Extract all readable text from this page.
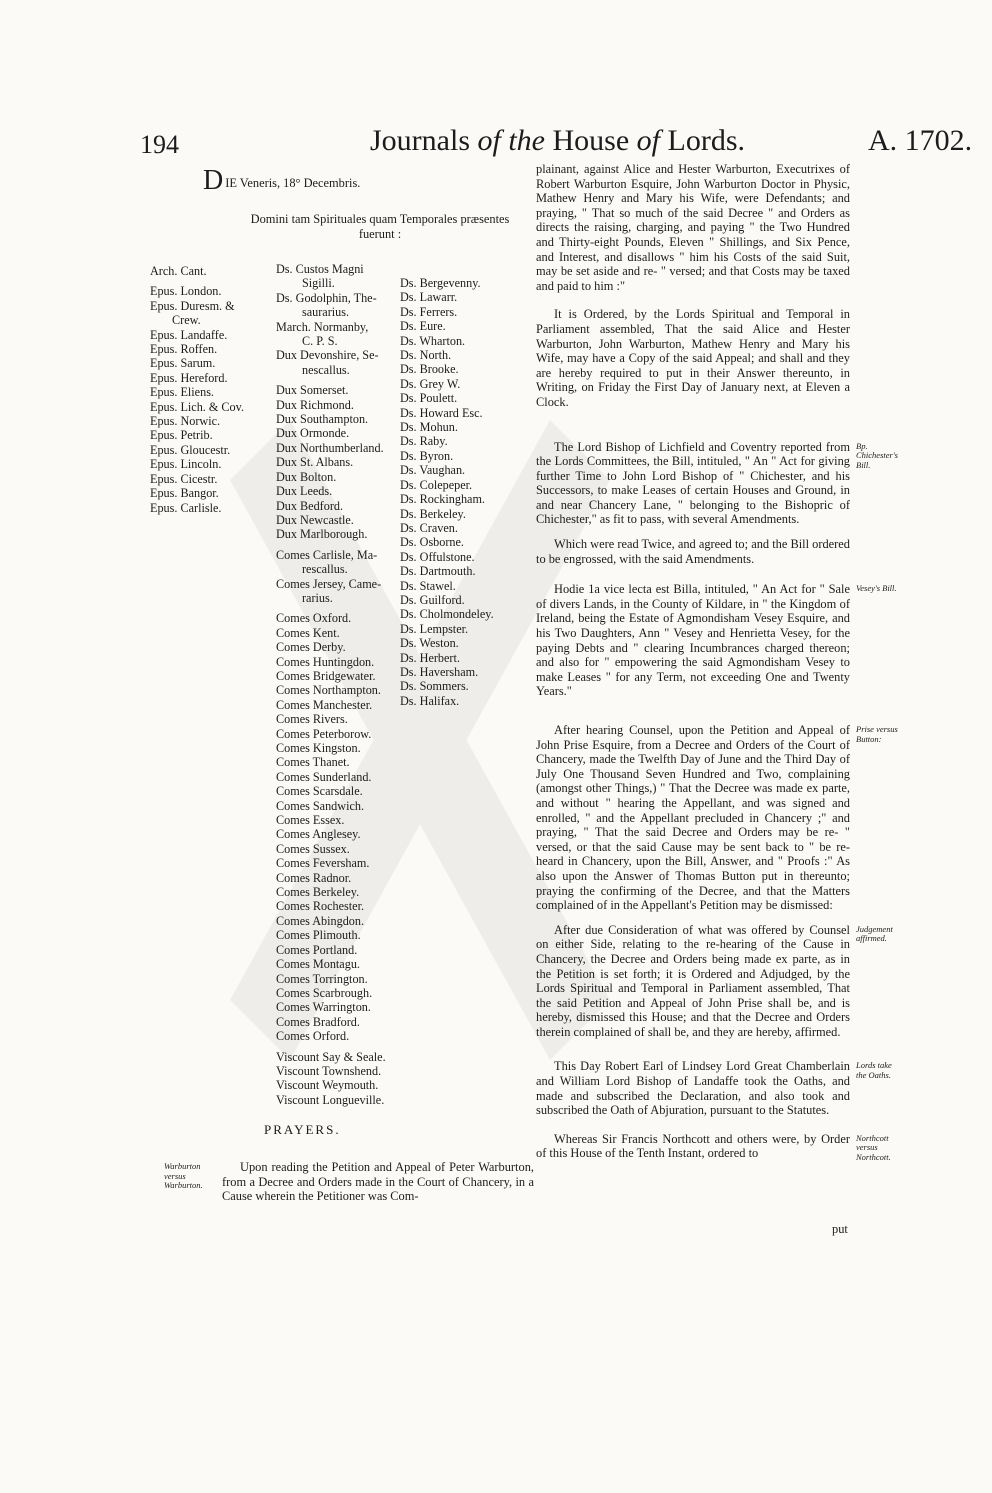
194	Journals of the House of Lords.	A. 1702.
D $_{IE Veneris, 18^\circ Decembris.}$
Domini tam Spirituales quam Temporales præsentes
fuerunt :
Arch. Cant.
Epus. London.
Epus. Duresm. &
Crew.
Epus. Landaffe.
Epus. Roffen.
Epus. Sarum.
Epus. Hereford.
Epus. Eliens.
Epus. Lich. & Cov.
Epus. Norwic.
Epus. Petrib.
Epus. Gloucestr.
Epus. Lincoln.
Epus. Cicestr.
Epus. Bangor.
Epus. Carlisle.
Ds. Custos Magni
Sigilli.
Ds. Godolphin, The-
saurarius.
March. Normanby,
C. P. S.
Dux Devonshire, Se-
nescallus.
Dux Somerset.
Dux Richmond.
Dux Southampton.
Dux Ormonde.
Dux Northumberland.
Dux St. Albans.
Dux Bolton.
Dux Leeds.
Dux Bedford.
Dux Newcastle.
Dux Marlborough.
Comes Carlisle, Ma-
rescallus.
Comes Jersey, Came-
rarius.
Comes Oxford.
Comes Kent.
Comes Derby.
Comes Huntingdon.
Comes Bridgewater.
Comes Northampton.
Comes Manchester.
Comes Rivers.
Comes Peterborow.
Comes Kingston.
Comes Thanet.
Comes Sunderland.
Comes Scarsdale.
Comes Sandwich.
Comes Essex.
Comes Anglesey.
Comes Sussex.
Comes Feversham.
Comes Radnor.
Comes Berkeley.
Comes Rochester.
Comes Abingdon.
Comes Plimouth.
Comes Portland.
Comes Montagu.
Comes Torrington.
Comes Scarbrough.
Comes Warrington.
Comes Bradford.
Comes Orford.
Viscount Say & Seale.
Viscount Townshend.
Viscount Weymouth.
Viscount Longueville.
Ds. Bergevenny.
Ds. Lawarr.
Ds. Ferrers.
Ds. Eure.
Ds. Wharton.
Ds. North.
Ds. Brooke.
Ds. Grey W.
Ds. Poulett.
Ds. Howard Esc.
Ds. Mohun.
Ds. Raby.
Ds. Byron.
Ds. Vaughan.
Ds. Colepeper.
Ds. Rockingham.
Ds. Berkeley.
Ds. Craven.
Ds. Osborne.
Ds. Offulstone.
Ds. Dartmouth.
Ds. Stawel.
Ds. Guilford.
Ds. Cholmondeley.
Ds. Lempster.
Ds. Weston.
Ds. Herbert.
Ds. Haversham.
Ds. Sommers.
Ds. Halifax.
PRAYERS.
Warburton versus Warburton.
Upon reading the Petition and Appeal of Peter Warburton, from a Decree and Orders made in the Court of Chancery, in a Cause wherein the Petitioner was Com-
plainant, against Alice and Hester Warburton, Executrixes of Robert Warburton Esquire, John Warburton Doctor in Physic, Mathew Henry and Mary his Wife, were Defendants; and praying, " That so much of the said Decree " and Orders as directs the raising, charging, and paying " the Two Hundred and Thirty-eight Pounds, Eleven " Shillings, and Six Pence, and Interest, and disallows " him his Costs of the said Suit, may be set aside and re- " versed; and that Costs may be taxed and paid to him :"
It is Ordered, by the Lords Spiritual and Temporal in Parliament assembled, That the said Alice and Hester Warburton, John Warburton, Mathew Henry and Mary his Wife, may have a Copy of the said Appeal; and shall and they are hereby required to put in their Answer thereunto, in Writing, on Friday the First Day of January next, at Eleven a Clock.
The Lord Bishop of Lichfield and Coventry reported from the Lords Committees, the Bill, intituled, " An " Act for giving further Time to John Lord Bishop of " Chichester, and his Successors, to make Leases of certain Houses and Ground, in and near Chancery Lane, " belonging to the Bishopric of Chichester," as fit to pass, with several Amendments.
Bp. Chichester's Bill.
Which were read Twice, and agreed to; and the Bill ordered to be engrossed, with the said Amendments.
Hodie 1a vice lecta est Billa, intituled, " An Act for " Sale of divers Lands, in the County of Kildare, in " the Kingdom of Ireland, being the Estate of Agmondisham Vesey Esquire, and his Two Daughters, Ann " Vesey and Henrietta Vesey, for the paying Debts and " clearing Incumbrances charged thereon; and also for " empowering the said Agmondisham Vesey to make Leases " for any Term, not exceeding One and Twenty Years."
Vesey's Bill.
After hearing Counsel, upon the Petition and Appeal of John Prise Esquire, from a Decree and Orders of the Court of Chancery, made the Twelfth Day of June and the Third Day of July One Thousand Seven Hundred and Two, complaining (amongst other Things,) " That the Decree was made ex parte, and without " hearing the Appellant, and was signed and enrolled, " and the Appellant precluded in Chancery ;" and praying, " That the said Decree and Orders may be re- " versed, or that the said Cause may be sent back to " be re-heard in Chancery, upon the Bill, Answer, and " Proofs :" As also upon the Answer of Thomas Button put in thereunto; praying the confirming of the Decree, and that the Matters complained of in the Appellant's Petition may be dismissed:
Prise versus Button:
After due Consideration of what was offered by Counsel on either Side, relating to the re-hearing of the Cause in Chancery, the Decree and Orders being made ex parte, as in the Petition is set forth; it is Ordered and Adjudged, by the Lords Spiritual and Temporal in Parliament assembled, That the said Petition and Appeal of John Prise shall be, and is hereby, dismissed this House; and that the Decree and Orders therein complained of shall be, and they are hereby, affirmed.
Judgement affirmed.
This Day Robert Earl of Lindsey Lord Great Chamberlain and William Lord Bishop of Landaffe took the Oaths, and made and subscribed the Declaration, and also took and subscribed the Oath of Abjuration, pursuant to the Statutes.
Lords take the Oaths.
Whereas Sir Francis Northcott and others were, by Order of this House of the Tenth Instant, ordered to
Northcott versus Northcott.
put
